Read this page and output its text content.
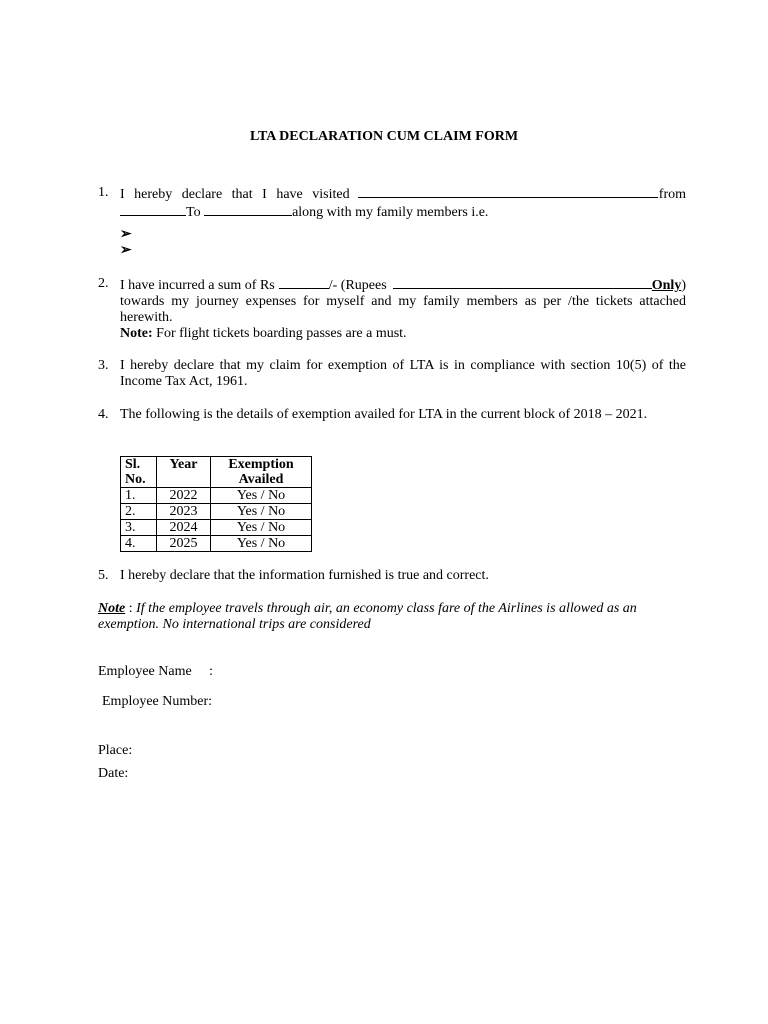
LTA DECLARATION CUM CLAIM FORM
1. I hereby declare that I have visited	from
To	along with my family members i.e.
➢
➢
2. I have incurred a sum of Rs	/- (Rupees	Only )
towards my journey expenses for myself and my family members as per /the tickets attached herewith.
Note: For flight tickets boarding passes are a must.
3. I hereby declare that my claim for exemption of LTA is in compliance with section 10(5) of the Income Tax Act, 1961.
4. The following is the details of exemption availed for LTA in the current block of 2018 – 2021.
Sl. No.	Year	Exemption Availed
1.	2022	Yes / No
2.	2023	Yes / No
3.	2024	Yes / No
4.	2025	Yes / No
5. I hereby declare that the information furnished is true and correct.
Note : If the employee travels through air, an economy class fare of the Airlines is allowed as an exemption. No international trips are considered
Employee Name     :
Employee Number:
Place:
Date:
